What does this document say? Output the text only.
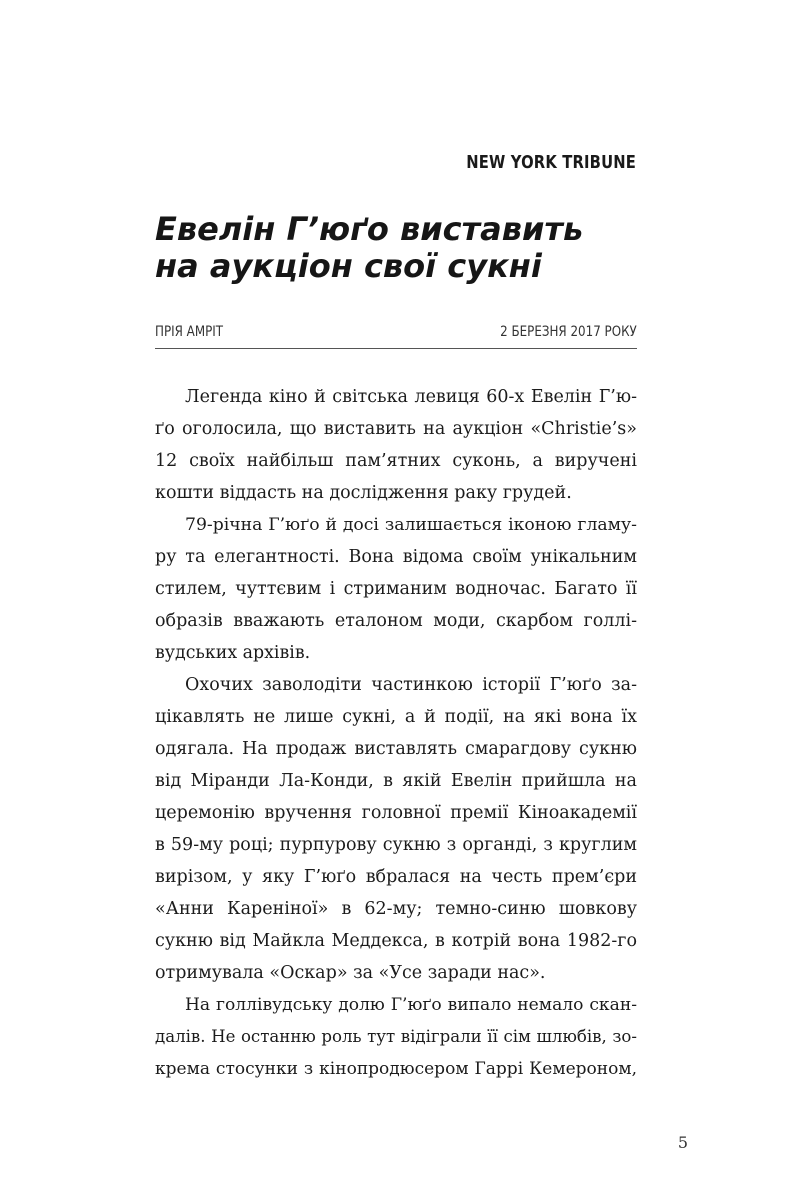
NEW YORK TRIBUNE
Евелін Г’юґо виставить
на аукціон свої сукні
ПРІЯ АМРІТ	2 БЕРЕЗНЯ 2017 РОКУ
Легенда кіно й світська левиця 60-х Евелін Г’ю-
ґо оголосила, що виставить на аукціон «Christie’s»
12 своїх найбільш пам’ятних суконь, а виручені
кошти віддасть на дослідження раку грудей.
79-річна Г’юґо й досі залишається іконою гламу-
ру та елегантності. Вона відома своїм унікальним
стилем, чуттєвим і стриманим водночас. Багато її
образів вважають еталоном моди, скарбом голлі-
вудських архівів.
Охочих заволодіти частинкою історії Г’юґо за-
цікавлять не лише сукні, а й події, на які вона їх
одягала. На продаж виставлять смарагдову сукню
від Міранди Ла-Конди, в якій Евелін прийшла на
церемонію вручення головної премії Кіноакадемії
в 59-му році; пурпурову сукню з органді, з круглим
вирізом, у яку Г’юґо вбралася на честь прем’єри
«Анни Кареніної» в 62-му; темно-синю шовкову
сукню від Майкла Меддекса, в котрій вона 1982-го
отримувала «Оскар» за «Усе заради нас».
На голлівудську долю Г’юґо випало немало скан-
далів. Не останню роль тут відіграли її сім шлюбів, зо-
крема стосунки з кінопродюсером Гаррі Кемероном,
5
